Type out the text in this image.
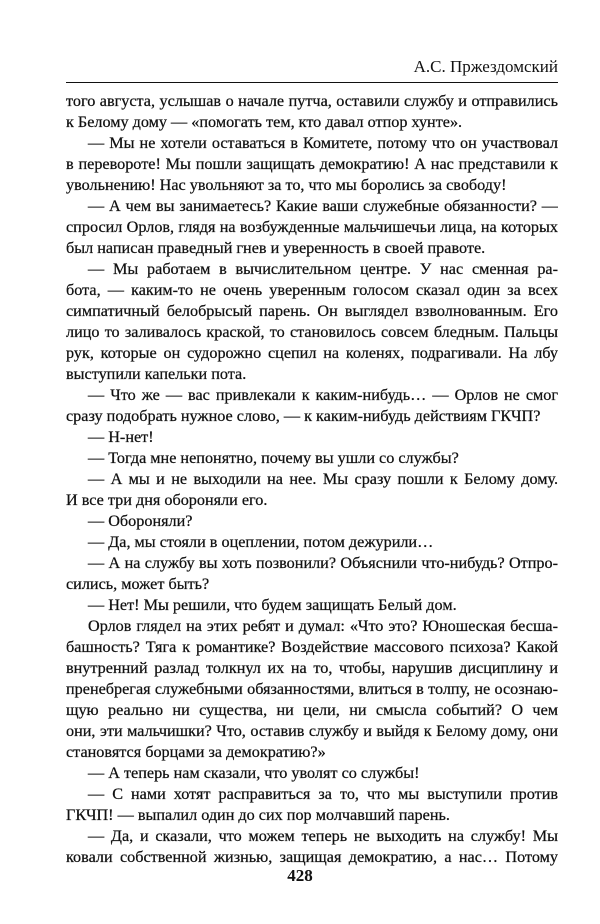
А.С. Пржездомский
того августа, услышав о начале путча, оставили службу и отправились
к Белому дому — «помогать тем, кто давал отпор хунте».
— Мы не хотели оставаться в Комитете, потому что он участвовал
в перевороте! Мы пошли защищать демократию! А нас представили к
увольнению! Нас увольняют за то, что мы боролись за свободу!
— А чем вы занимаетесь? Какие ваши служебные обязанности? —
спросил Орлов, глядя на возбужденные мальчишечьи лица, на которых
был написан праведный гнев и уверенность в своей правоте.
— Мы работаем в вычислительном центре. У нас сменная ра-
бота, — каким-то не очень уверенным голосом сказал один за всех
симпатичный белобрысый парень. Он выглядел взволнованным. Его
лицо то заливалось краской, то становилось совсем бледным. Пальцы
рук, которые он судорожно сцепил на коленях, подрагивали. На лбу
выступили капельки пота.
— Что же — вас привлекали к каким-нибудь… — Орлов не смог
сразу подобрать нужное слово, — к каким-нибудь действиям ГКЧП?
— Н-нет!
— Тогда мне непонятно, почему вы ушли со службы?
— А мы и не выходили на нее. Мы сразу пошли к Белому дому.
И все три дня обороняли его.
— Обороняли?
— Да, мы стояли в оцеплении, потом дежурили…
— А на службу вы хоть позвонили? Объяснили что-нибудь? Отпро-
сились, может быть?
— Нет! Мы решили, что будем защищать Белый дом.
Орлов глядел на этих ребят и думал: «Что это? Юношеская бесша-
башность? Тяга к романтике? Воздействие массового психоза? Какой
внутренний разлад толкнул их на то, чтобы, нарушив дисциплину и
пренебрегая служебными обязанностями, влиться в толпу, не осознаю-
щую реально ни существа, ни цели, ни смысла событий? О чем
они, эти мальчишки? Что, оставив службу и выйдя к Белому дому, они
становятся борцами за демократию?»
— А теперь нам сказали, что уволят со службы!
— С нами хотят расправиться за то, что мы выступили против
ГКЧП! — выпалил один до сих пор молчавший парень.
— Да, и сказали, что можем теперь не выходить на службу! Мы
ковали собственной жизнью, защищая демократию, а нас… Потому
428
